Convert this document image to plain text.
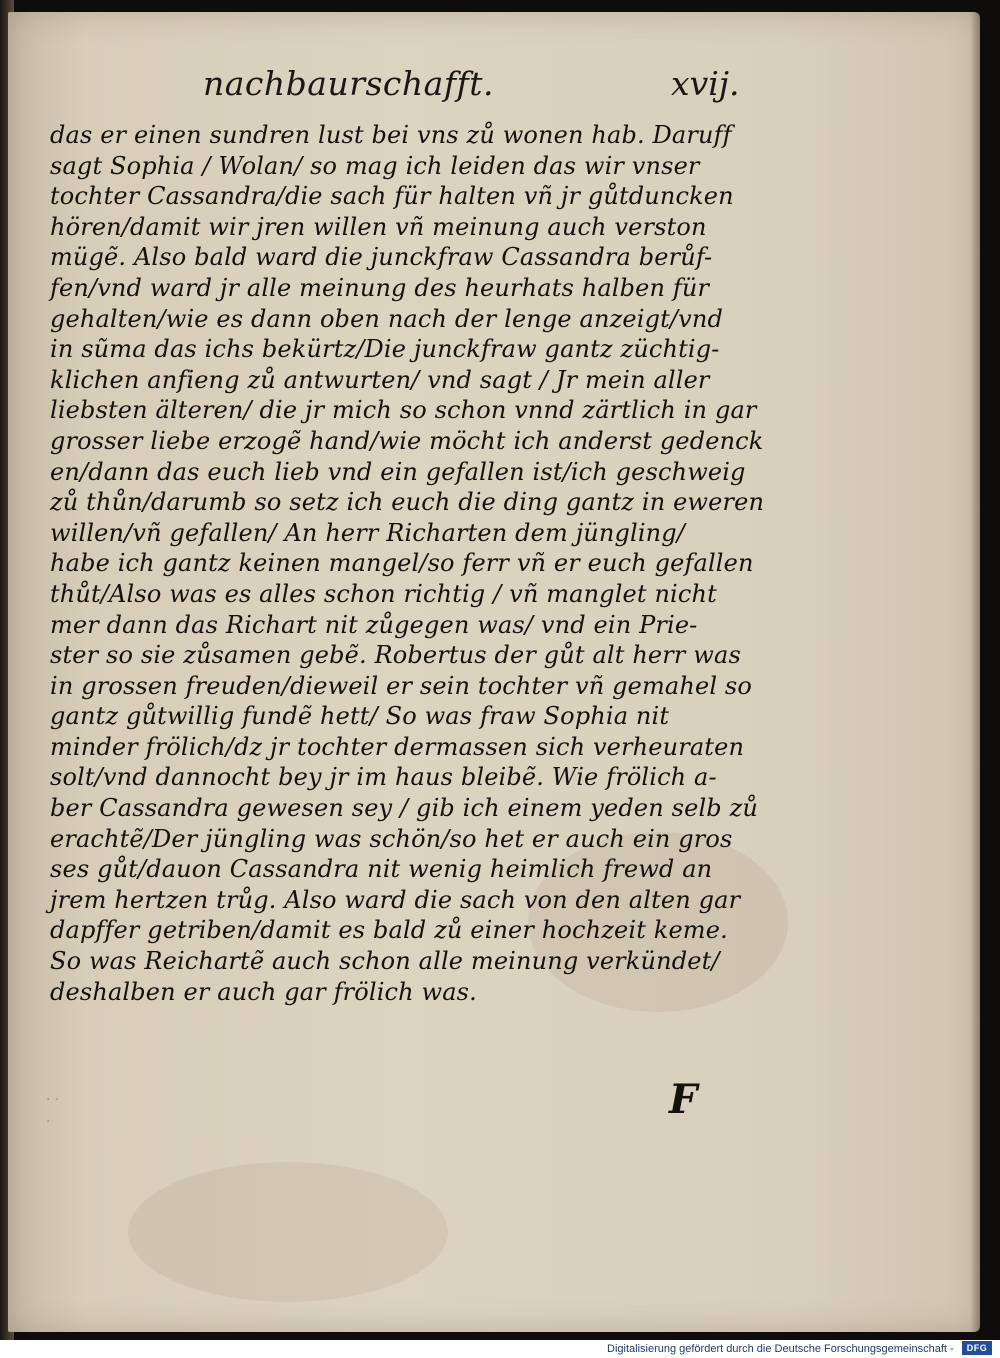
nachbaurschafft.	xvij.
das er einen sundren lust bei vns zů wonen hab. Daruff
sagt Sophia / Wolan/ so mag ich leiden das wir vnser
tochter Cassandra/die sach für halten vñ jr gůtduncken
hören/damit wir jren willen vñ meinung auch verston
mügẽ. Also bald ward die junckfraw Cassandra berůf-
fen/vnd ward jr alle meinung des heurhats halben für
gehalten/wie es dann oben nach der lenge anzeigt/vnd
in sũma das ichs bekürtz/Die junckfraw gantz züchtig-
klichen anfieng zů antwurten/ vnd sagt / Jr mein aller
liebsten älteren/ die jr mich so schon vnnd zärtlich in gar
grosser liebe erzogẽ hand/wie möcht ich anderst gedenck
en/dann das euch lieb vnd ein gefallen ist/ich geschweig
zů thůn/darumb so setz ich euch die ding gantz in eweren
willen/vñ gefallen/ An herr Richarten dem jüngling/
habe ich gantz keinen mangel/so ferr vñ er euch gefallen
thůt/Also was es alles schon richtig / vñ manglet nicht
mer dann das Richart nit zůgegen was/ vnd ein Prie-
ster so sie zůsamen gebẽ. Robertus der gůt alt herr was
in grossen freuden/dieweil er sein tochter vñ gemahel so
gantz gůtwillig fundẽ hett/ So was fraw Sophia nit
minder frölich/dz jr tochter dermassen sich verheuraten
solt/vnd dannocht bey jr im haus bleibẽ. Wie frölich a-
ber Cassandra gewesen sey / gib ich einem yeden selb zů
erachtẽ/Der jüngling was schön/so het er auch ein gros
ses gůt/dauon Cassandra nit wenig heimlich frewd an
jrem hertzen trůg. Also ward die sach von den alten gar
dapffer getriben/damit es bald zů einer hochzeit keme.
So was Reichartẽ auch schon alle meinung verkündet/
deshalben er auch gar frölich was.
F
· ·
·
Digitalisierung gefördert durch die Deutsche Forschungsgemeinschaft -	DFG
